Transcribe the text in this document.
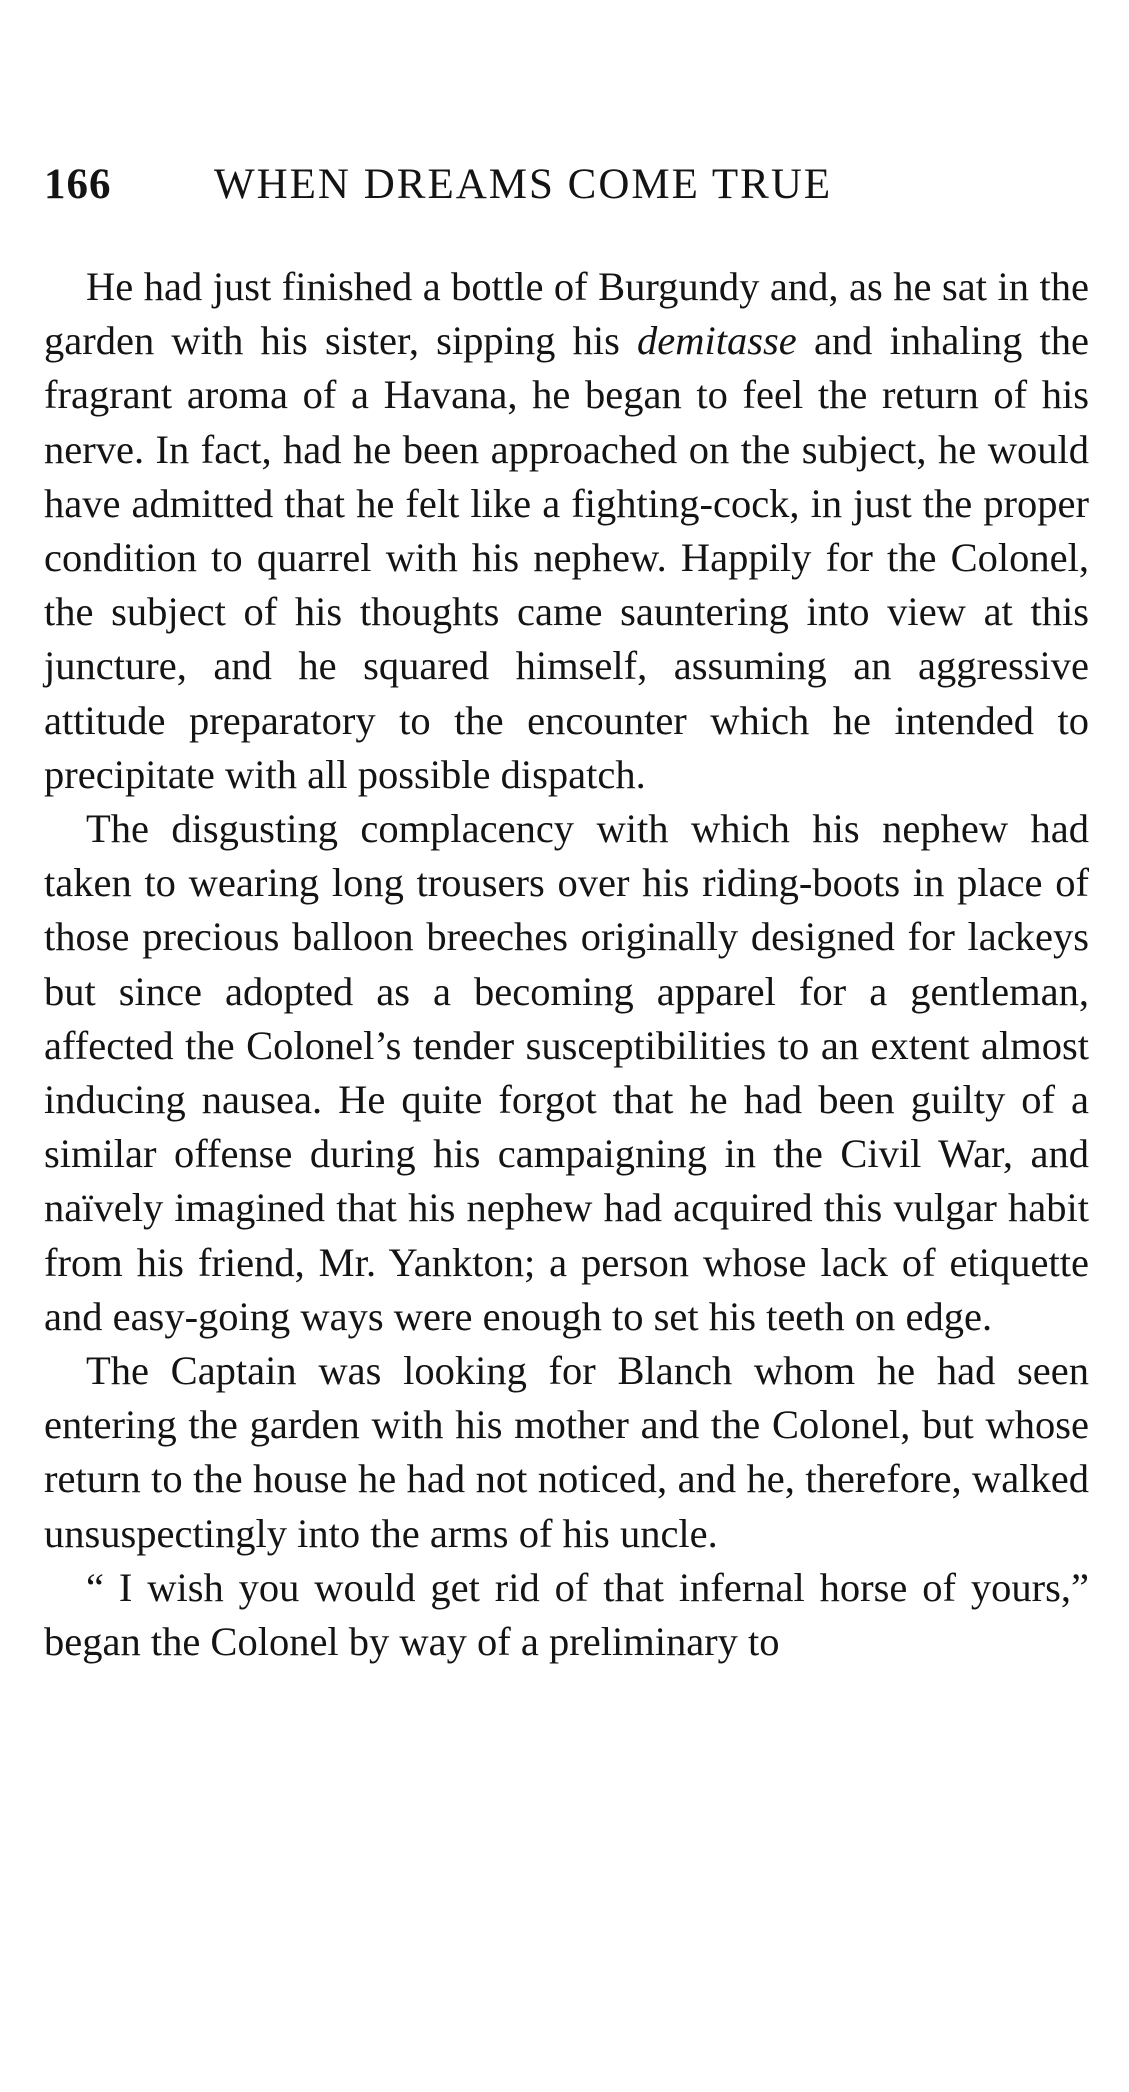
166	WHEN DREAMS COME TRUE

He had just finished a bottle of Burgundy and, as he sat in the garden with his sister, sipping his demitasse and inhaling the fragrant aroma of a Havana, he began to feel the return of his nerve. In fact, had he been approached on the subject, he would have admitted that he felt like a fighting-cock, in just the proper condition to quarrel with his nephew. Happily for the Colonel, the subject of his thoughts came sauntering into view at this juncture, and he squared himself, assuming an aggressive attitude preparatory to the encounter which he intended to precipitate with all possible dispatch.

The disgusting complacency with which his nephew had taken to wearing long trousers over his riding-boots in place of those precious balloon breeches originally designed for lackeys but since adopted as a becoming apparel for a gentleman, affected the Colonel’s tender susceptibilities to an extent almost inducing nausea. He quite forgot that he had been guilty of a similar offense during his campaigning in the Civil War, and naïvely imagined that his nephew had acquired this vulgar habit from his friend, Mr. Yankton; a person whose lack of etiquette and easy-going ways were enough to set his teeth on edge.

The Captain was looking for Blanch whom he had seen entering the garden with his mother and the Colonel, but whose return to the house he had not noticed, and he, therefore, walked unsuspectingly into the arms of his uncle.

“ I wish you would get rid of that infernal horse of yours,” began the Colonel by way of a preliminary to
